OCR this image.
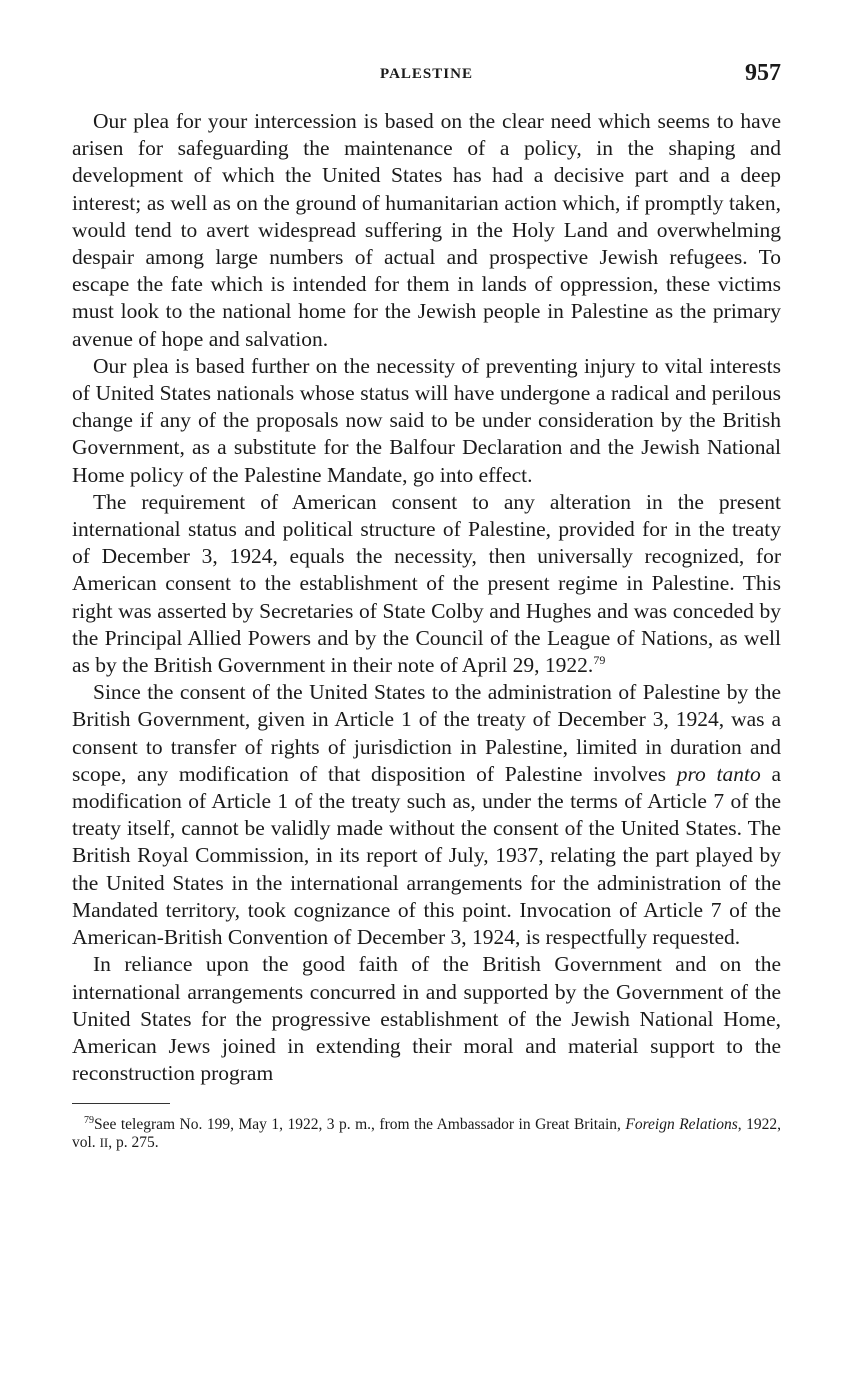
PALESTINE	957

Our plea for your intercession is based on the clear need which seems to have arisen for safeguarding the maintenance of a policy, in the shaping and development of which the United States has had a decisive part and a deep interest; as well as on the ground of humanitarian action which, if promptly taken, would tend to avert widespread suffering in the Holy Land and overwhelming despair among large numbers of actual and prospective Jewish refugees. To escape the fate which is intended for them in lands of oppression, these victims must look to the national home for the Jewish people in Palestine as the primary avenue of hope and salvation.

Our plea is based further on the necessity of preventing injury to vital interests of United States nationals whose status will have undergone a radical and perilous change if any of the proposals now said to be under consideration by the British Government, as a substitute for the Balfour Declaration and the Jewish National Home policy of the Palestine Mandate, go into effect.

The requirement of American consent to any alteration in the present international status and political structure of Palestine, provided for in the treaty of December 3, 1924, equals the necessity, then universally recognized, for American consent to the establishment of the present regime in Palestine. This right was asserted by Secretaries of State Colby and Hughes and was conceded by the Principal Allied Powers and by the Council of the League of Nations, as well as by the British Government in their note of April 29, 1922.79

Since the consent of the United States to the administration of Palestine by the British Government, given in Article 1 of the treaty of December 3, 1924, was a consent to transfer of rights of jurisdiction in Palestine, limited in duration and scope, any modification of that disposition of Palestine involves pro tanto a modification of Article 1 of the treaty such as, under the terms of Article 7 of the treaty itself, cannot be validly made without the consent of the United States. The British Royal Commission, in its report of July, 1937, relating the part played by the United States in the international arrangements for the administration of the Mandated territory, took cognizance of this point. Invocation of Article 7 of the American-British Convention of December 3, 1924, is respectfully requested.

In reliance upon the good faith of the British Government and on the international arrangements concurred in and supported by the Government of the United States for the progressive establishment of the Jewish National Home, American Jews joined in extending their moral and material support to the reconstruction program

$^{79}$See telegram No. 199, May 1, 1922, 3 p. m., from the Ambassador in Great Britain, Foreign Relations, 1922, vol. II, p. 275.
